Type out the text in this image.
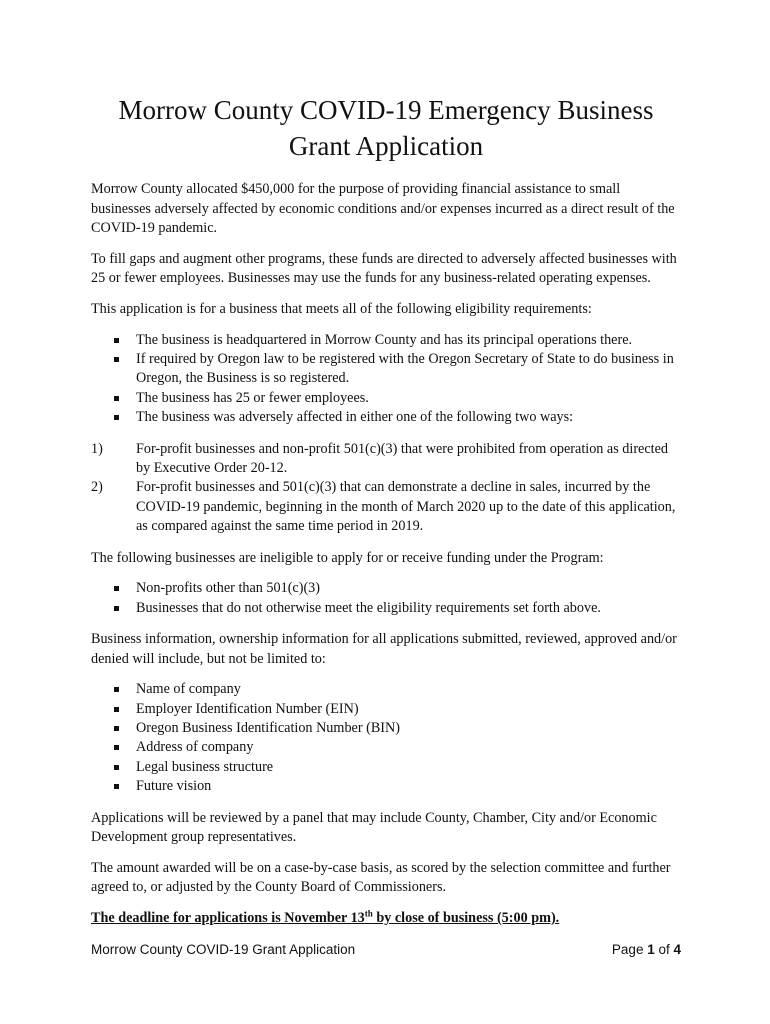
Morrow County COVID-19 Emergency Business
Grant Application

Morrow County allocated $450,000 for the purpose of providing financial assistance to small businesses adversely affected by economic conditions and/or expenses incurred as a direct result of the COVID-19 pandemic.

To fill gaps and augment other programs, these funds are directed to adversely affected businesses with 25 or fewer employees. Businesses may use the funds for any business-related operating expenses.

This application is for a business that meets all of the following eligibility requirements:

The business is headquartered in Morrow County and has its principal operations there.
If required by Oregon law to be registered with the Oregon Secretary of State to do business in Oregon, the Business is so registered.
The business has 25 or fewer employees.
The business was adversely affected in either one of the following two ways:
1) For-profit businesses and non-profit 501(c)(3) that were prohibited from operation as directed by Executive Order 20-12.
2) For-profit businesses and 501(c)(3) that can demonstrate a decline in sales, incurred by the COVID-19 pandemic, beginning in the month of March 2020 up to the date of this application, as compared against the same time period in 2019.

The following businesses are ineligible to apply for or receive funding under the Program:

Non-profits other than 501(c)(3)
Businesses that do not otherwise meet the eligibility requirements set forth above.

Business information, ownership information for all applications submitted, reviewed, approved and/or denied will include, but not be limited to:

Name of company
Employer Identification Number (EIN)
Oregon Business Identification Number (BIN)
Address of company
Legal business structure
Future vision

Applications will be reviewed by a panel that may include County, Chamber, City and/or Economic Development group representatives.

The amount awarded will be on a case-by-case basis, as scored by the selection committee and further agreed to, or adjusted by the County Board of Commissioners.

The deadline for applications is November 13th by close of business (5:00 pm).

Morrow County COVID-19 Grant Application	Page 1 of 4
